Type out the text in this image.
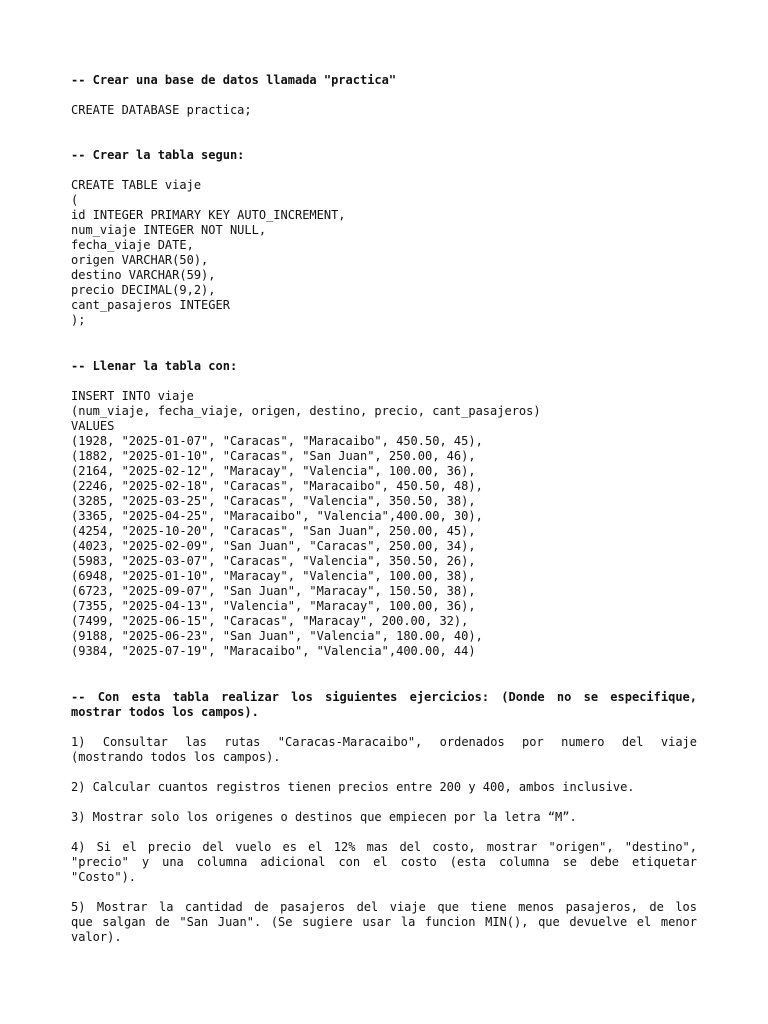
-- Crear una base de datos llamada "practica"
CREATE DATABASE practica;
-- Crear la tabla segun:
CREATE TABLE viaje
(
id INTEGER PRIMARY KEY AUTO_INCREMENT,
num_viaje INTEGER NOT NULL,
fecha_viaje DATE,
origen VARCHAR(50),
destino VARCHAR(59),
precio DECIMAL(9,2),
cant_pasajeros INTEGER
);
-- Llenar la tabla con:
INSERT INTO viaje
(num_viaje, fecha_viaje, origen, destino, precio, cant_pasajeros)
VALUES
(1928, "2025-01-07", "Caracas", "Maracaibo", 450.50, 45),
(1882, "2025-01-10", "Caracas", "San Juan", 250.00, 46),
(2164, "2025-02-12", "Maracay", "Valencia", 100.00, 36),
(2246, "2025-02-18", "Caracas", "Maracaibo", 450.50, 48),
(3285, "2025-03-25", "Caracas", "Valencia", 350.50, 38),
(3365, "2025-04-25", "Maracaibo", "Valencia",400.00, 30),
(4254, "2025-10-20", "Caracas", "San Juan", 250.00, 45),
(4023, "2025-02-09", "San Juan", "Caracas", 250.00, 34),
(5983, "2025-03-07", "Caracas", "Valencia", 350.50, 26),
(6948, "2025-01-10", "Maracay", "Valencia", 100.00, 38),
(6723, "2025-09-07", "San Juan", "Maracay", 150.50, 38),
(7355, "2025-04-13", "Valencia", "Maracay", 100.00, 36),
(7499, "2025-06-15", "Caracas", "Maracay", 200.00, 32),
(9188, "2025-06-23", "San Juan", "Valencia", 180.00, 40),
(9384, "2025-07-19", "Maracaibo", "Valencia",400.00, 44)
-- Con esta tabla realizar los siguientes ejercicios: (Donde no se especifique,
mostrar todos los campos).
1) Consultar las rutas "Caracas-Maracaibo", ordenados por numero del viaje
(mostrando todos los campos).
2) Calcular cuantos registros tienen precios entre 200 y 400, ambos inclusive.
3) Mostrar solo los origenes o destinos que empiecen por la letra “M”.
4) Si el precio del vuelo es el 12% mas del costo, mostrar "origen", "destino",
"precio" y una columna adicional con el costo (esta columna se debe etiquetar
"Costo").
5) Mostrar la cantidad de pasajeros del viaje que tiene menos pasajeros, de los
que salgan de "San Juan". (Se sugiere usar la funcion MIN(), que devuelve el menor
valor).
